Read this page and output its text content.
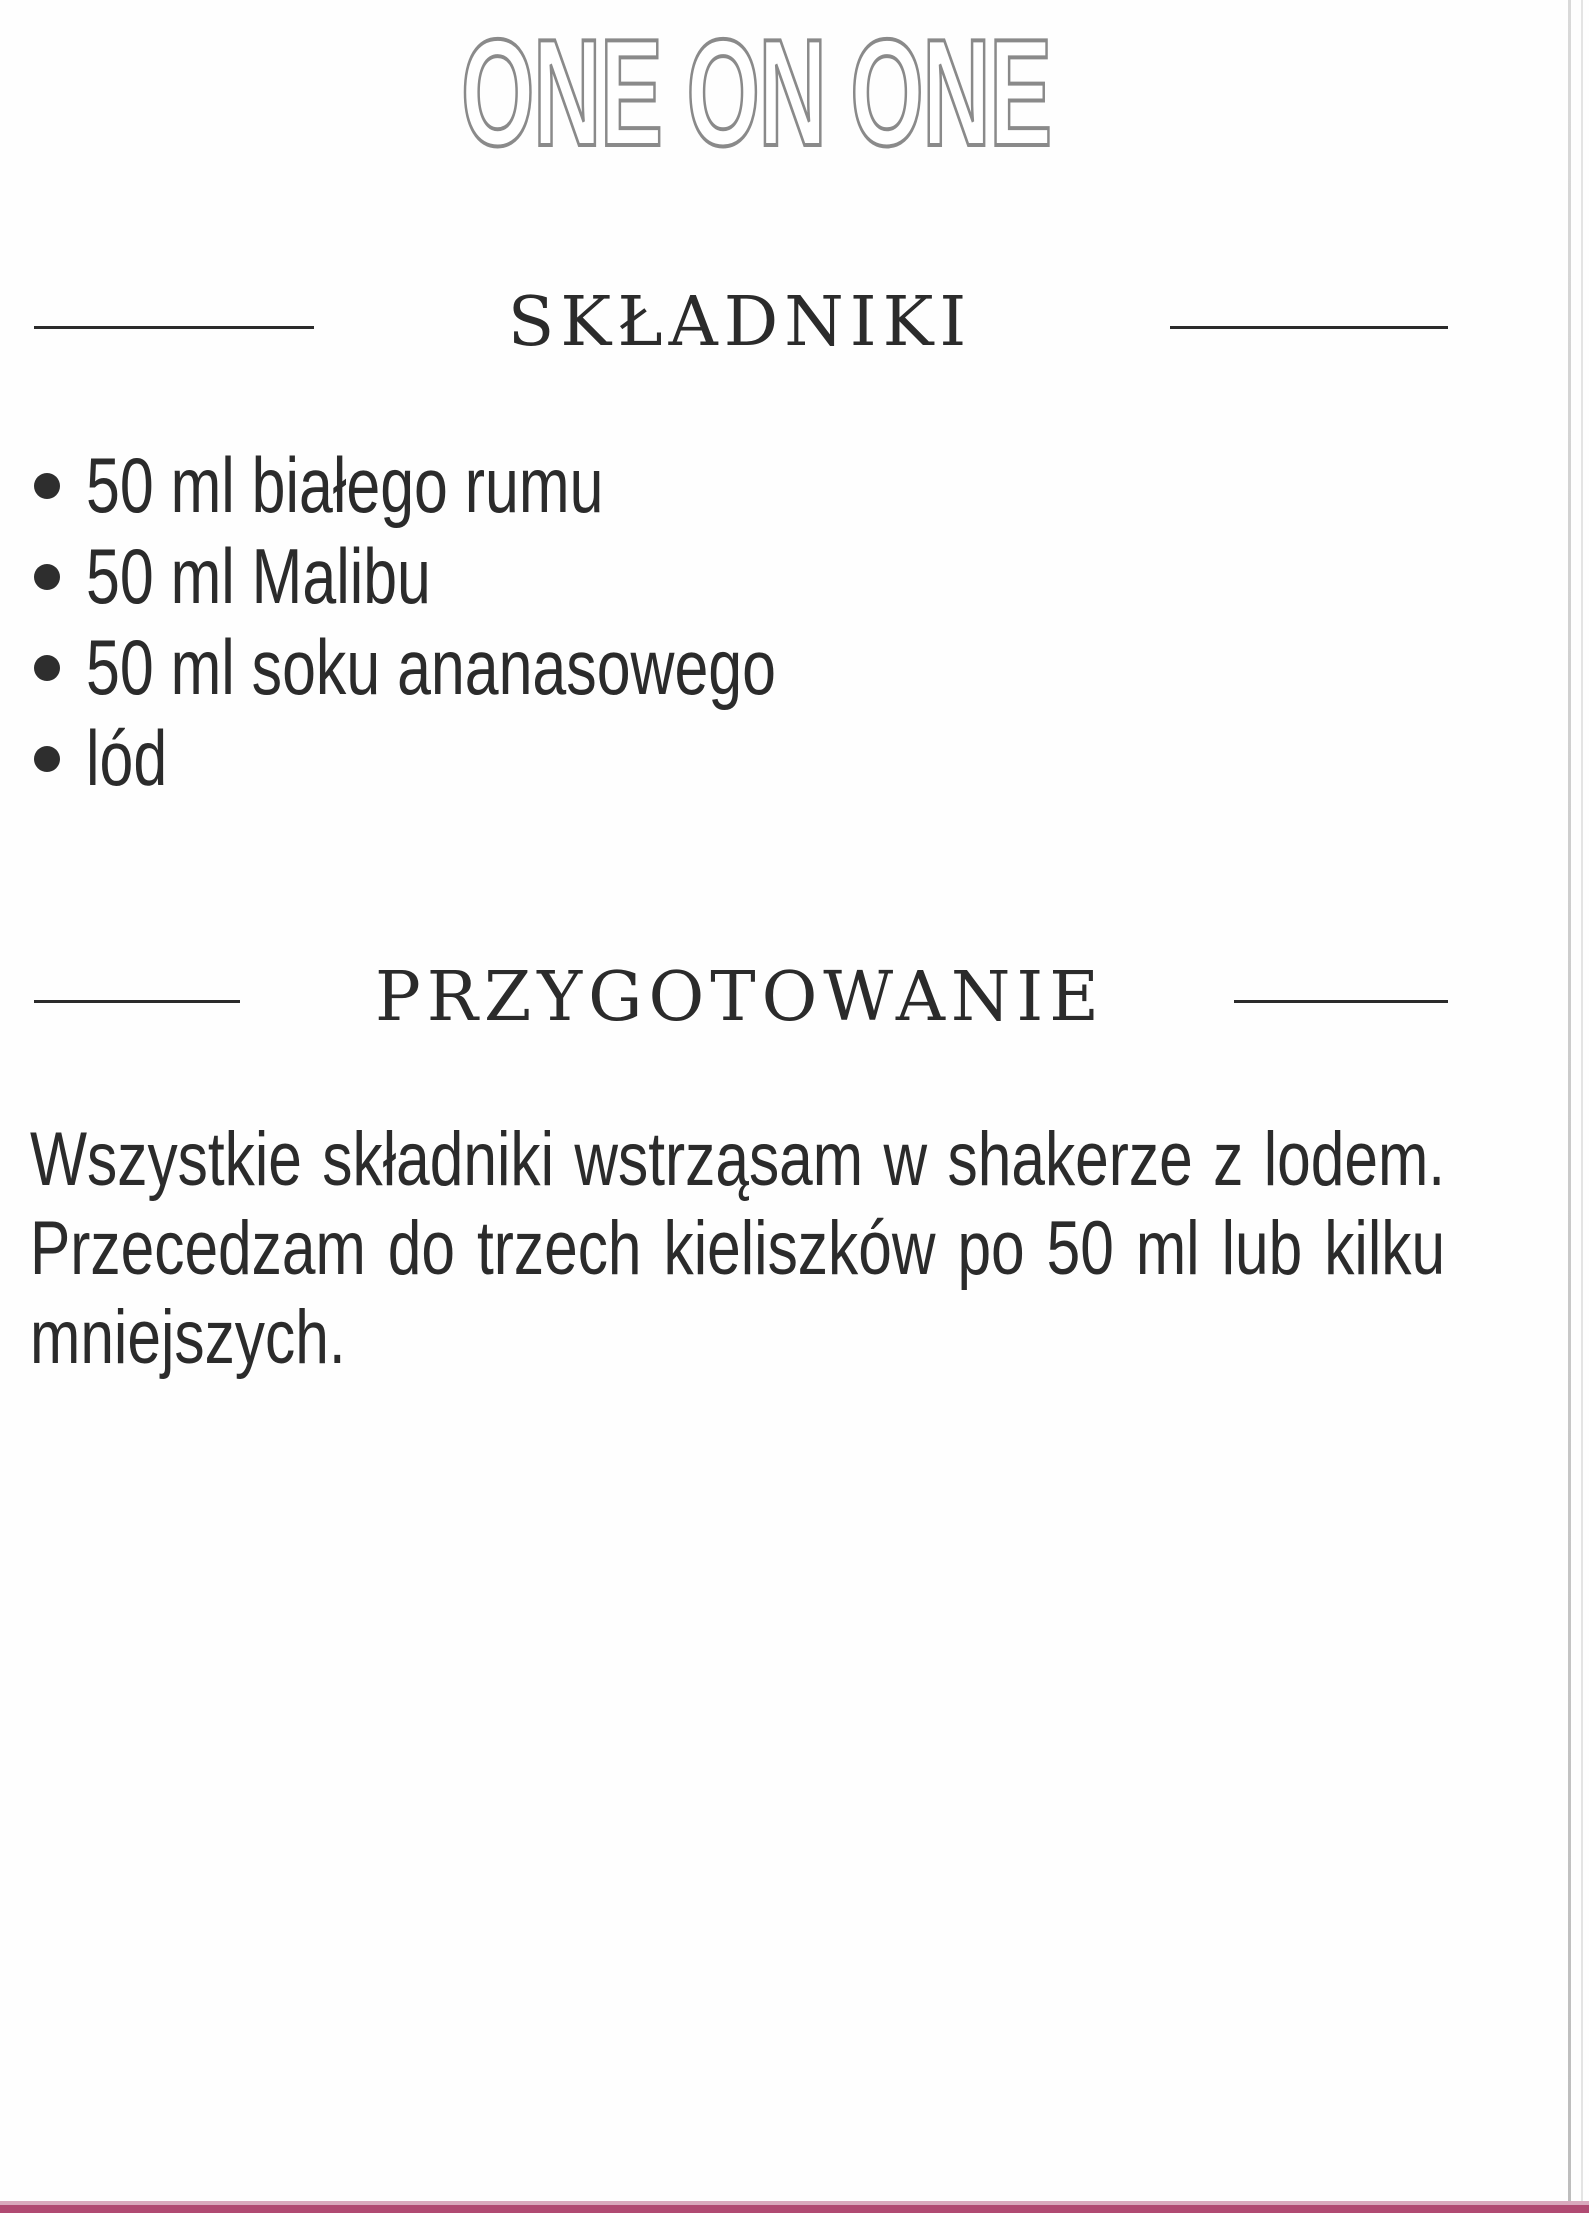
ONE ON ONE
SKŁADNIKI
50 ml białego rumu
50 ml Malibu
50 ml soku ananasowego
lód
PRZYGOTOWANIE

Wszystkie składniki wstrząsam w shakerze z lodem. Przecedzam do trzech kieliszków po 50 ml lub kilku mniejszych.
